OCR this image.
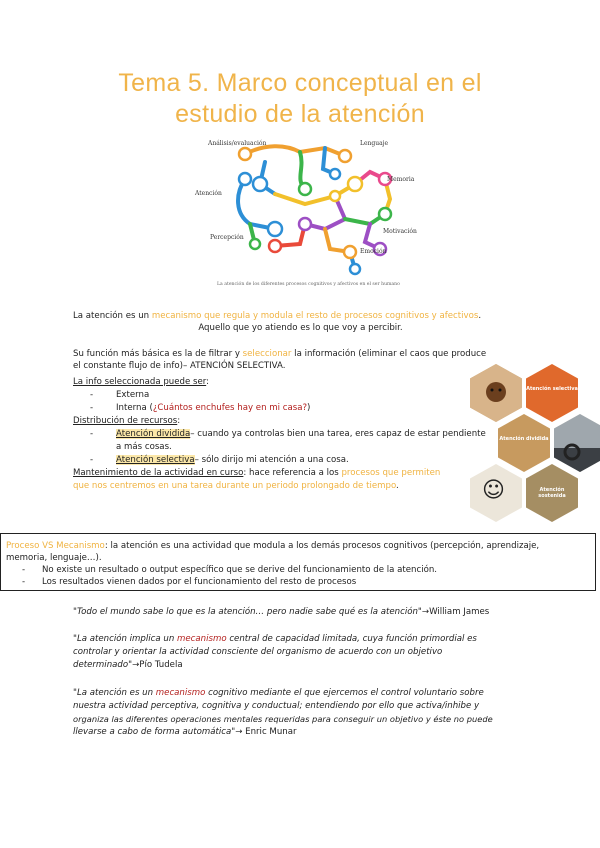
Tema 5. Marco conceptual en el
estudio de la atención
Análisis/evaluación	Lenguaje
Memoria
Atención
Percepción
Motivación
Emoción
La atención de los diferentes procesos cognitivos y afectivos en el ser humano
La atención es un mecanismo que regula y modula el resto de procesos cognitivos y afectivos.
Aquello que yo atiendo es lo que voy a percibir.
Su función más básica es la de filtrar y seleccionar la información (eliminar el caos que produce
el constante flujo de info)– ATENCIÓN SELECTIVA.
La info seleccionada puede ser:
-	Externa
-	Interna (¿Cuántos enchufes hay en mi casa?)
Distribución de recursos:
-	Atención dividida– cuando ya controlas bien una tarea, eres capaz de estar pendiente
a más cosas.
-	Atención selectiva– sólo dirijo mi atención a una cosa.
Mantenimiento de la actividad en curso: hace referencia a los procesos que permiten
que nos centremos en una tarea durante un periodo prolongado de tiempo.
Atención selectiva
Atención dividida
☺	Atención sostenida
Proceso VS Mecanismo: la atención es una actividad que modula a los demás procesos cognitivos (percepción, aprendizaje,
memoria, lenguaje…).
- No existe un resultado o output específico que se derive del funcionamiento de la atención.
- Los resultados vienen dados por el funcionamiento del resto de procesos
"Todo el mundo sabe lo que es la atención… pero nadie sabe qué es la atención"→William James
"La atención implica un mecanismo central de capacidad limitada, cuya función primordial es
controlar y orientar la actividad consciente del organismo de acuerdo con un objetivo
determinado"→Pío Tudela
"La atención es un mecanismo cognitivo mediante el que ejercemos el control voluntario sobre
nuestra actividad perceptiva, cognitiva y conductual; entendiendo por ello que activa/inhibe y
organiza las diferentes operaciones mentales requeridas para conseguir un objetivo y éste no puede
llevarse a cabo de forma automática"→ Enric Munar
